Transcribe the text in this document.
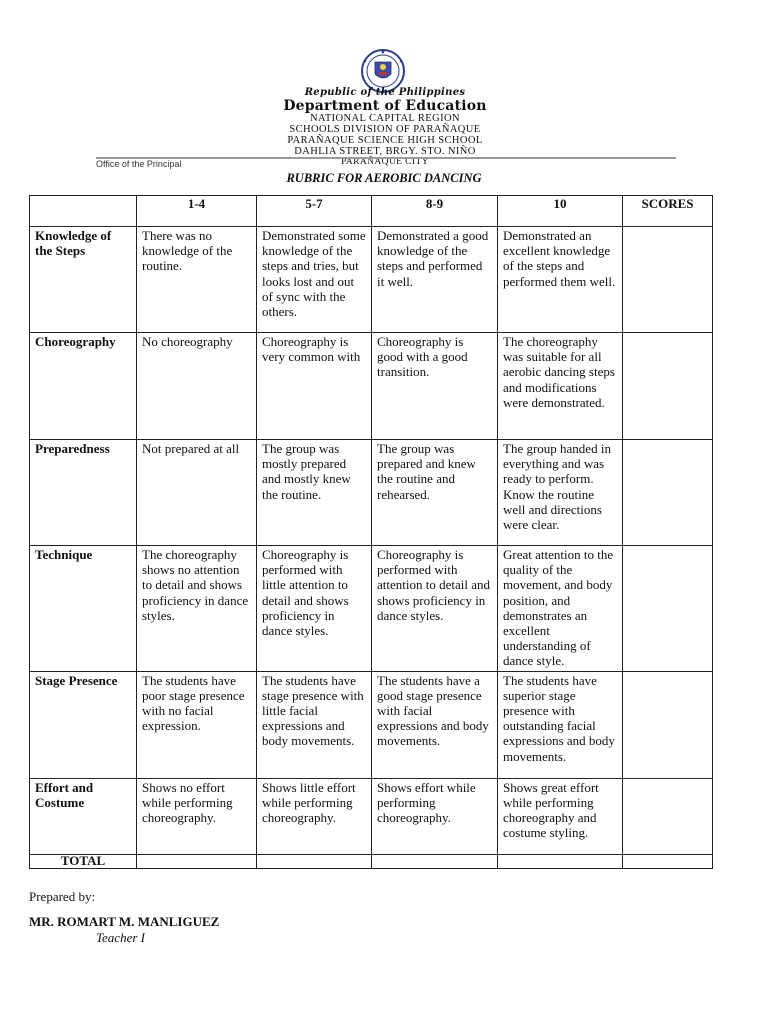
Republic of the Philippines
Department of Education
NATIONAL CAPITAL REGION
SCHOOLS DIVISION OF PARAÑAQUE
PARAÑAQUE SCIENCE HIGH SCHOOL
DAHLIA STREET, BRGY. STO. NIÑO
PARAÑAQUE CITY
Office of the Principal
RUBRIC FOR AEROBIC DANCING
	1-4	5-7	8-9	10	SCORES
Knowledge of the Steps	There was no knowledge of the routine.	Demonstrated some knowledge of the steps and tries, but looks lost and out of sync with the others.	Demonstrated a good knowledge of the steps and performed it well.	Demonstrated an excellent knowledge of the steps and performed them well.	
Choreography	No choreography	Choreography is very common with	Choreography is good with a good transition.	The choreography was suitable for all aerobic dancing steps and modifications were demonstrated.	
Preparedness	Not prepared at all	The group was mostly prepared and mostly knew the routine.	The group was prepared and knew the routine and rehearsed.	The group handed in everything and was ready to perform. Know the routine well and directions were clear.	
Technique	The choreography shows no attention to detail and shows proficiency in dance styles.	Choreography is performed with little attention to detail and shows proficiency in dance styles.	Choreography is performed with attention to detail and shows proficiency in dance styles.	Great attention to the quality of the movement, and body position, and demonstrates an excellent understanding of dance style.	
Stage Presence	The students have poor stage presence with no facial expression.	The students have stage presence with little facial expressions and body movements.	The students have a good stage presence with facial expressions and body movements.	The students have superior stage presence with outstanding facial expressions and body movements.	
Effort and Costume	Shows no effort while performing choreography.	Shows little effort while performing choreography.	Shows effort while performing choreography.	Shows great effort while performing choreography and costume styling.	
TOTAL					
Prepared by:
MR. ROMART M. MANLIGUEZ
Teacher I
